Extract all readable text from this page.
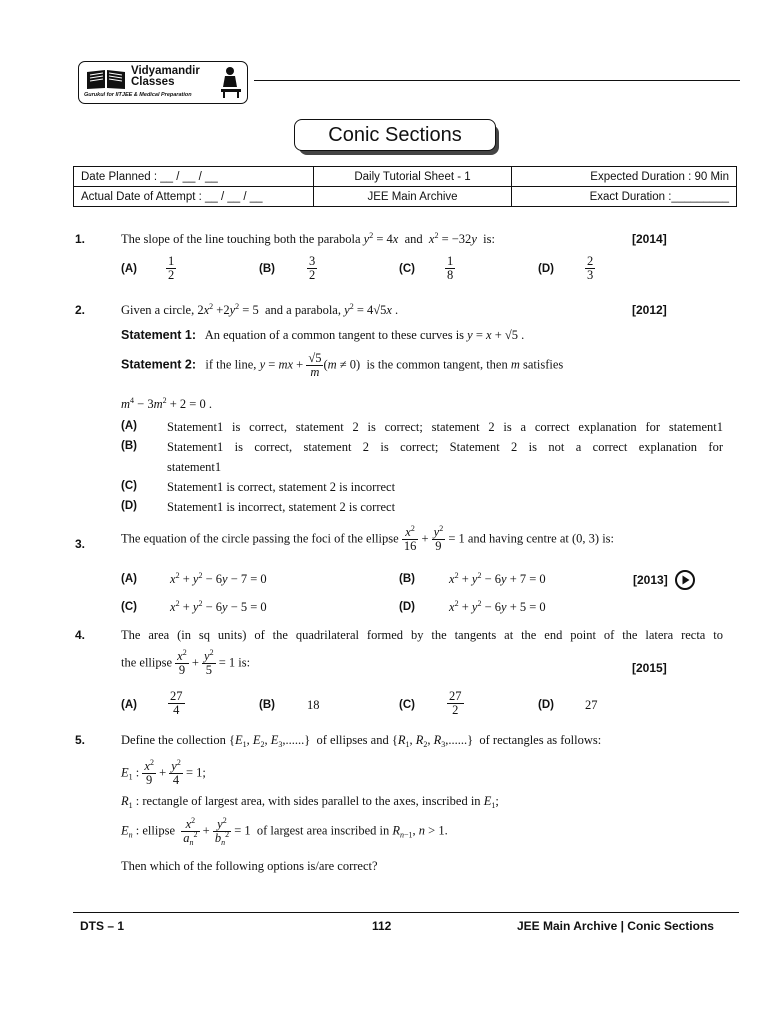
Vidyamandir
Classes
Gurukul for IITJEE & Medical Preparation
Conic Sections
Date Planned : __ / __ / __	Daily Tutorial Sheet - 1	Expected Duration : 90 Min
Actual Date of Attempt : __ / __ / __	JEE Main Archive	Exact Duration :_________
1.	The slope of the line touching both the parabola $y^2 = 4x$ and $x^2 = -32y$ is:	[2014]
$(A) \frac{1}{2}$	(B)	$\frac{3}{2}$	$(C) \frac{1}{8}$	$(D) \frac{2}{3}$
2.	Given a circle, $2x^2 +2y^2 = 5$  and a parabola, $y^2 = 4√5x$ .	[2012]
Statement 1: An equation of a common tangent to these curves is y = x + √5 .
Statement 2: if the line, y = mx + $\frac{√5}{m} (m \ne 0)$  is the common tangent, then m satisfies
$m^4 - 3m^2 + 2 = 0$ .
(A) Statement1 is correct, statement 2 is correct; statement 2 is a correct explanation for statement1
(B) Statement1 is correct, statement 2 is correct; Statement 2 is not a correct explanation for
statement1
(C) Statement1 is correct, statement 2 is incorrect
(D) Statement1 is incorrect, statement 2 is correct
3.	The equation of the circle passing the foci of the ellipse $\frac{x^2}{16} + \frac{y^2}{9} = 1$ and having centre at (0, 3) is:
(A)	$x^2 + y^2 - 6y - 7 = 0$	(B)	$x^2 + y^2 - 6y + 7 = 0$	[2013]
(C)	$x^2 + y^2 - 6y - 5 = 0$	(D)	$x^2 + y^2 - 6y + 5 = 0$
4.	The area (in sq units) of the quadrilateral formed by the tangents at the end point of the latera recta to
the ellipse $\frac{x^2}{9} + \frac{y^2}{5} = 1$ is:	[2015]
$(A) \frac{27}{4}$	(B)	18	(C)	$\frac{27}{2}$	(D) 27
5.	Define the collection {$E_1$, $E_2$, $E_3$,......}  of ellipses and {$R_1$, $R_2$, $R_3$,......}  of rectangles as follows:
$E_1$ : $\frac{x^2}{9} + \frac{y^2}{4} = 1$;
$R_1$ : rectangle of largest area, with sides parallel to the axes, inscribed in $E_1$;
$E_n$ : ellipse $\frac{x^2}{a_n^2} + \frac{y^2}{b_n^2} = 1$  of largest area inscribed in $R_{n-1}$, n > 1.
Then which of the following options is/are correct?
DTS – 1	112	JEE Main Archive | Conic Sections
